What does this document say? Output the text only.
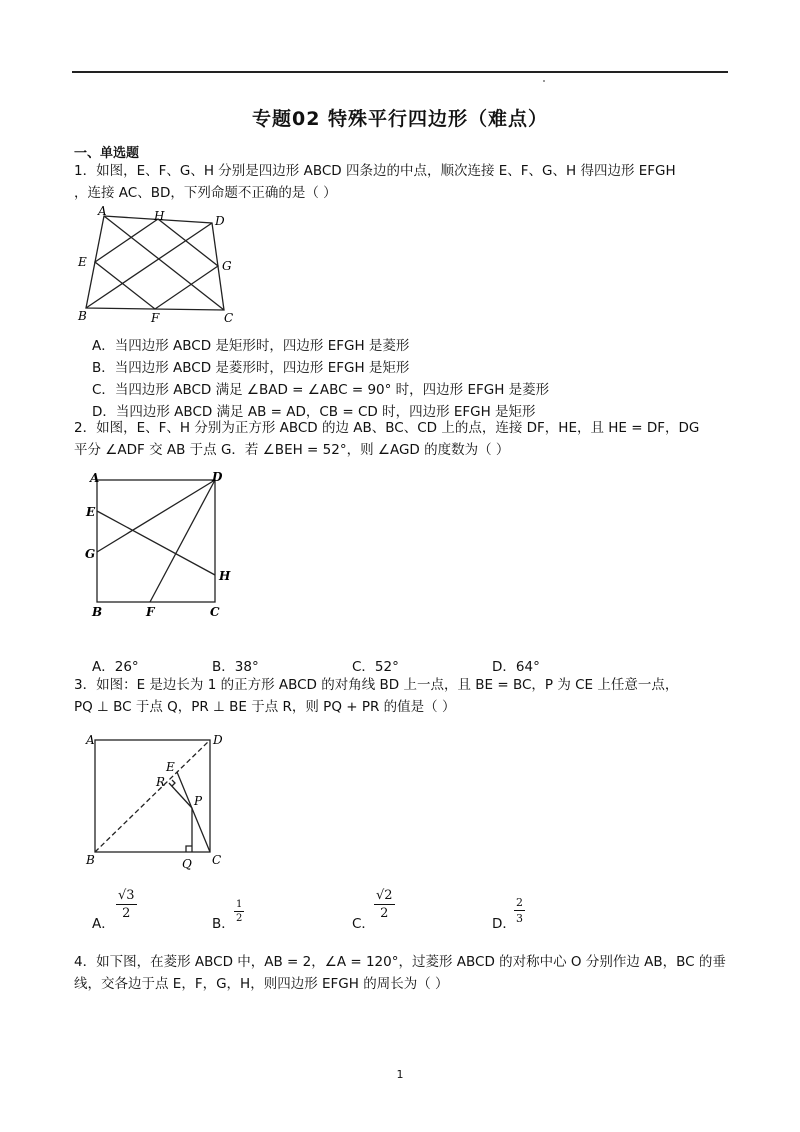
专题02 特殊平行四边形（难点）
一、单选题
1．如图，E、F、G、H 分别是四边形 ABCD 四条边的中点，顺次连接 E、F、G、H 得四边形 EFGH
，连接 AC、BD，下列命题不正确的是（ ）
A	H	D
E	G
B	F	C
A．当四边形 ABCD 是矩形时，四边形 EFGH 是菱形
B．当四边形 ABCD 是菱形时，四边形 EFGH 是矩形
C．当四边形 ABCD 满足 ∠BAD = ∠ABC = 90° 时，四边形 EFGH 是菱形
D．当四边形 ABCD 满足 AB = AD，CB = CD 时，四边形 EFGH 是矩形
2．如图，E、F、H 分别为正方形 ABCD 的边 AB、BC、CD 上的点，连接 DF，HE，且 HE = DF，DG
平分 ∠ADF 交 AB 于点 G．若 ∠BEH = 52°，则 ∠AGD 的度数为（ ）
A	D
E
G
H
B	F	C
A．26°	B．38°	C．52°	D．64°
3．如图：E 是边长为 1 的正方形 ABCD 的对角线 BD 上一点，且 BE = BC，P 为 CE 上任意一点，
PQ ⊥ BC 于点 Q，PR ⊥ BE 于点 R，则 PQ + PR 的值是（ ）
A	D
E
R
P
B	Q C
A．
√3
2
B．
1
2	C．
√2
2
D．
2
3
4．如下图，在菱形 ABCD 中，AB = 2，∠A = 120°，过菱形 ABCD 的对称中心 O 分别作边 AB，BC 的垂
线，交各边于点 E，F，G，H，则四边形 EFGH 的周长为（ ）
1
